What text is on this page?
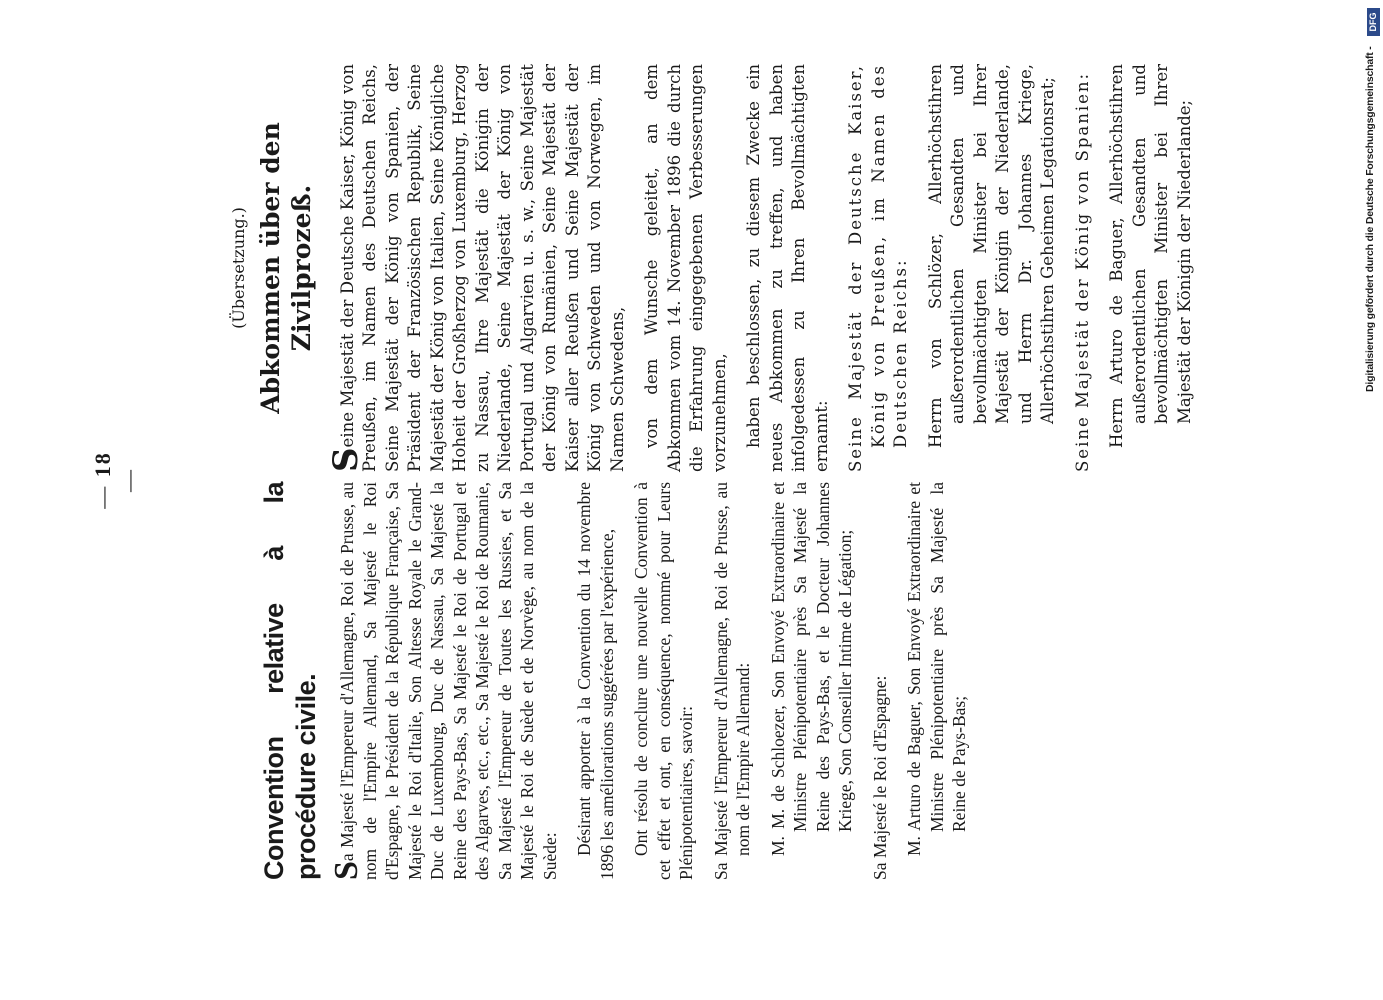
— 18 —
Convention relative à la procédure civile. Sa Majesté l'Empereur d'Allemagne, Roi de Prusse, au nom de l'Empire Allemand, Sa Majesté le Roi d'Espagne, le Président de la République Française, Sa Majesté le Roi d'Italie, Son Altesse Royale le Grand-Duc de Luxembourg, Duc de Nassau, Sa Majesté la Reine des Pays-Bas, Sa Majesté le Roi de Portugal et des Algarves, etc., etc., Sa Majesté le Roi de Roumanie, Sa Majesté l'Empereur de Toutes les Russies, et Sa Majesté le Roi de Suède et de Norvège, au nom de la Suède:

Désirant apporter à la Convention du 14 novembre 1896 les améliorations suggérées par l'expérience, Ont résolu de conclure une nouvelle Convention à cet effet et ont, en conséquence, nommé pour Leurs Plénipotentiaires, savoir: Sa Majesté l'Empereur d'Allemagne, Roi de Prusse, au nom de l'Empire Allemand: M. M. de Schloezer, Son Envoyé Extraordinaire et Ministre Plénipotentiaire près Sa Majesté la Reine des Pays-Bas, et le Docteur Johannes Kriege, Son Conseiller Intime de Légation; Sa Majesté le Roi d'Espagne: M. Arturo de Baguer, Son Envoyé Extraordinaire et Ministre Plénipotentiaire près Sa Majesté la Reine de Pays-Bas;

(Übersetzung.) Abkommen über den Zivilprozeß.

Seine Majestät der Deutsche Kaiser, König von Preußen, im Namen des Deutschen Reichs, Seine Majestät der König von Spanien, der Präsident der Französischen Republik, Seine Majestät der König von Italien, Seine Königliche Hoheit der Großherzog von Luxemburg, Herzog zu Nassau, Ihre Majestät die Königin der Niederlande, Seine Majestät der König von Portugal und Algarvien u. s. w., Seine Majestät der König von Rumänien, Seine Majestät der Kaiser aller Reußen und Seine Majestät der König von Schweden und von Norwegen, im Namen Schwedens, von dem Wunsche geleitet, an dem Abkommen vom 14. November 1896 die durch die Erfahrung eingegebenen Verbesserungen vorzunehmen, haben beschlossen, zu diesem Zwecke ein neues Abkommen zu treffen, und haben infolgedessen zu Ihren Bevollmächtigten ernannt: Seine Majestät der Deutsche Kaiser, König von Preußen, im Namen des Deutschen Reichs: Herrn von Schlözer, Allerhöchstihren außerordentlichen Gesandten und bevollmächtigten Minister bei Ihrer Majestät der Königin der Niederlande, und Herrn Dr. Johannes Kriege, Allerhöchstihren Geheimen Legationsrat; Seine Majestät der König von Spanien: Herrn Arturo de Baguer, Allerhöchstihren außerordentlichen Gesandten und bevollmächtigten Minister bei Ihrer Majestät der Königin der Niederlande;

DFG
Digitalisierung gefördert durch die Deutsche Forschungsgemeinschaft -
